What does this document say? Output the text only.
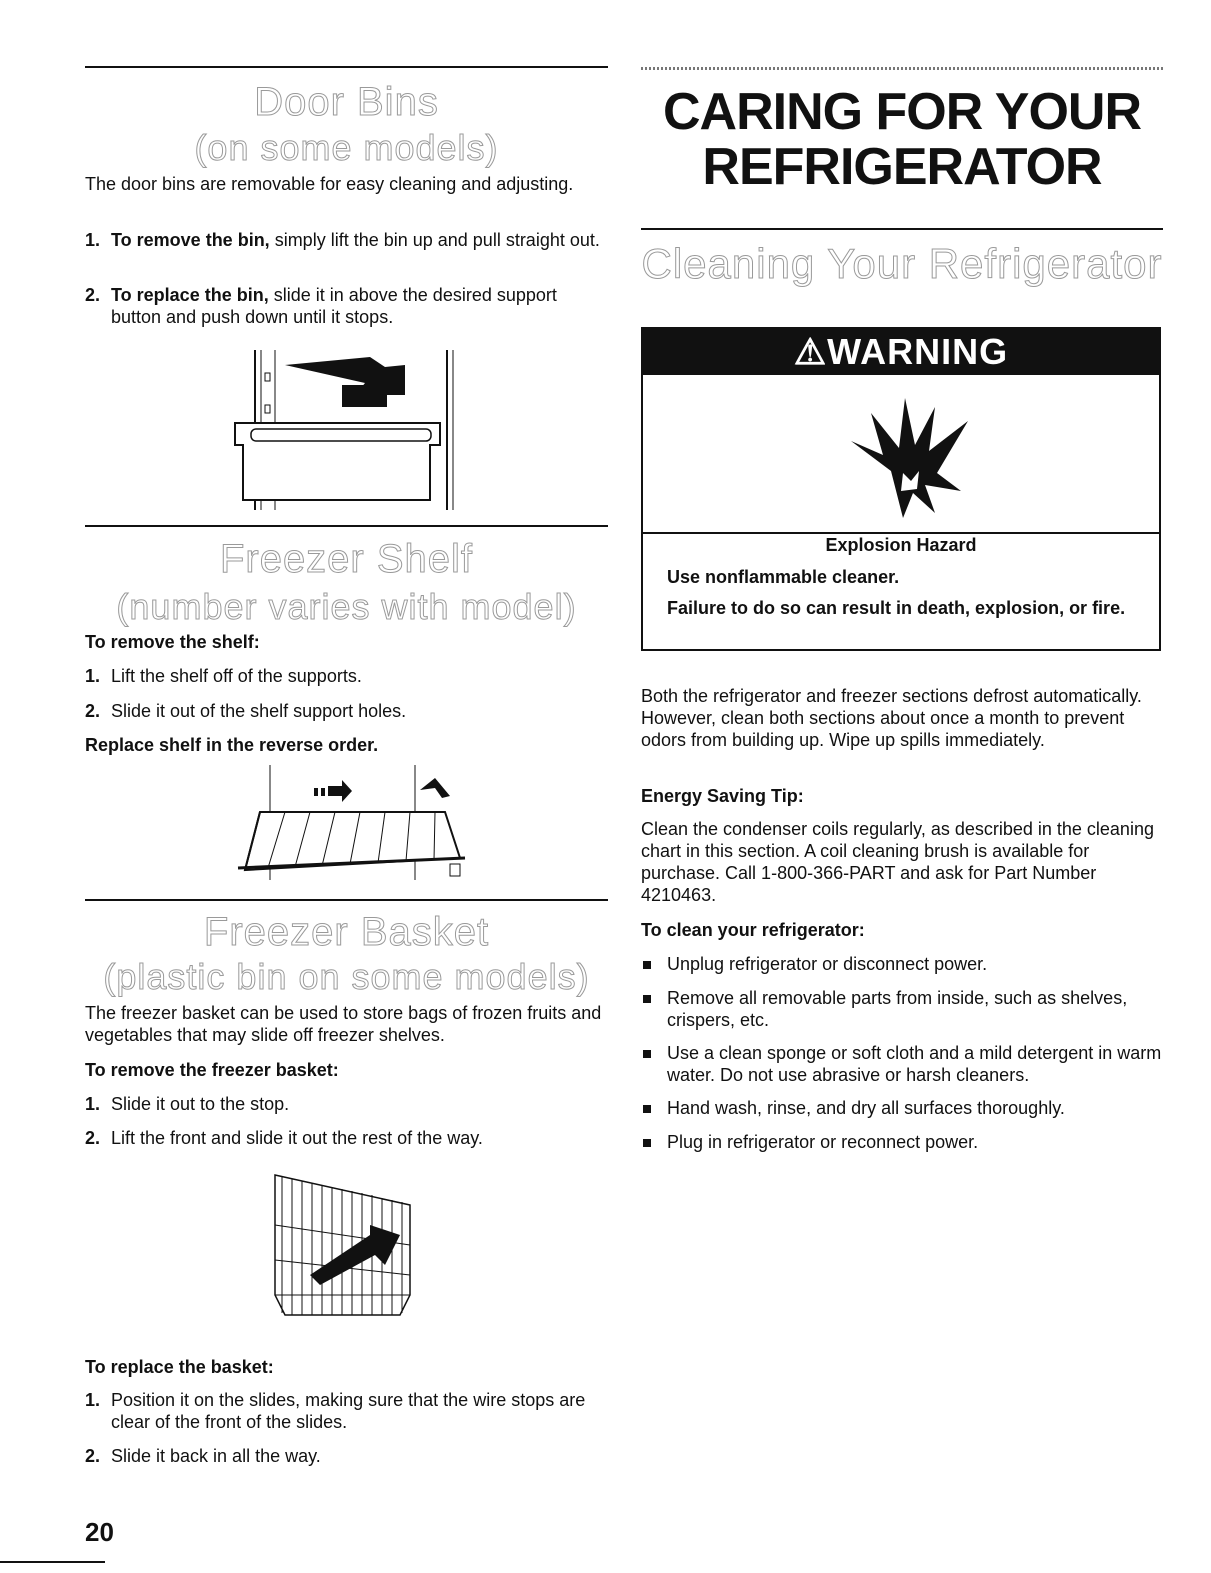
Door Bins
(on some models)

The door bins are removable for easy cleaning and adjusting.

1. To remove the bin, simply lift the bin up and pull straight out.
2. To replace the bin, slide it in above the desired support button and push down until it stops.
Freezer Shelf
(number varies with model)
To remove the shelf:
1. Lift the shelf off of the supports.
2. Slide it out of the shelf support holes.
Replace shelf in the reverse order.
Freezer Basket
(plastic bin on some models)

The freezer basket can be used to store bags of frozen fruits and vegetables that may slide off freezer shelves.

To remove the freezer basket:
1. Slide it out to the stop.
2. Lift the front and slide it out the rest of the way.
To replace the basket:
1. Position it on the slides, making sure that the wire stops are clear of the front of the slides.
2. Slide it back in all the way.
CARING FOR YOUR
REFRIGERATOR
Cleaning Your Refrigerator
⚠WARNING
Explosion Hazard
Use nonflammable cleaner.
Failure to do so can result in death, explosion, or fire.

Both the refrigerator and freezer sections defrost automatically. However, clean both sections about once a month to prevent odors from building up. Wipe up spills immediately.

Energy Saving Tip:

Clean the condenser coils regularly, as described in the cleaning chart in this section. A coil cleaning brush is available for purchase. Call 1-800-366-PART and ask for Part Number 4210463.

To clean your refrigerator:
Unplug refrigerator or disconnect power.
Remove all removable parts from inside, such as shelves, crispers, etc.
Use a clean sponge or soft cloth and a mild detergent in warm water. Do not use abrasive or harsh cleaners.
Hand wash, rinse, and dry all surfaces thoroughly.
Plug in refrigerator or reconnect power.
20
